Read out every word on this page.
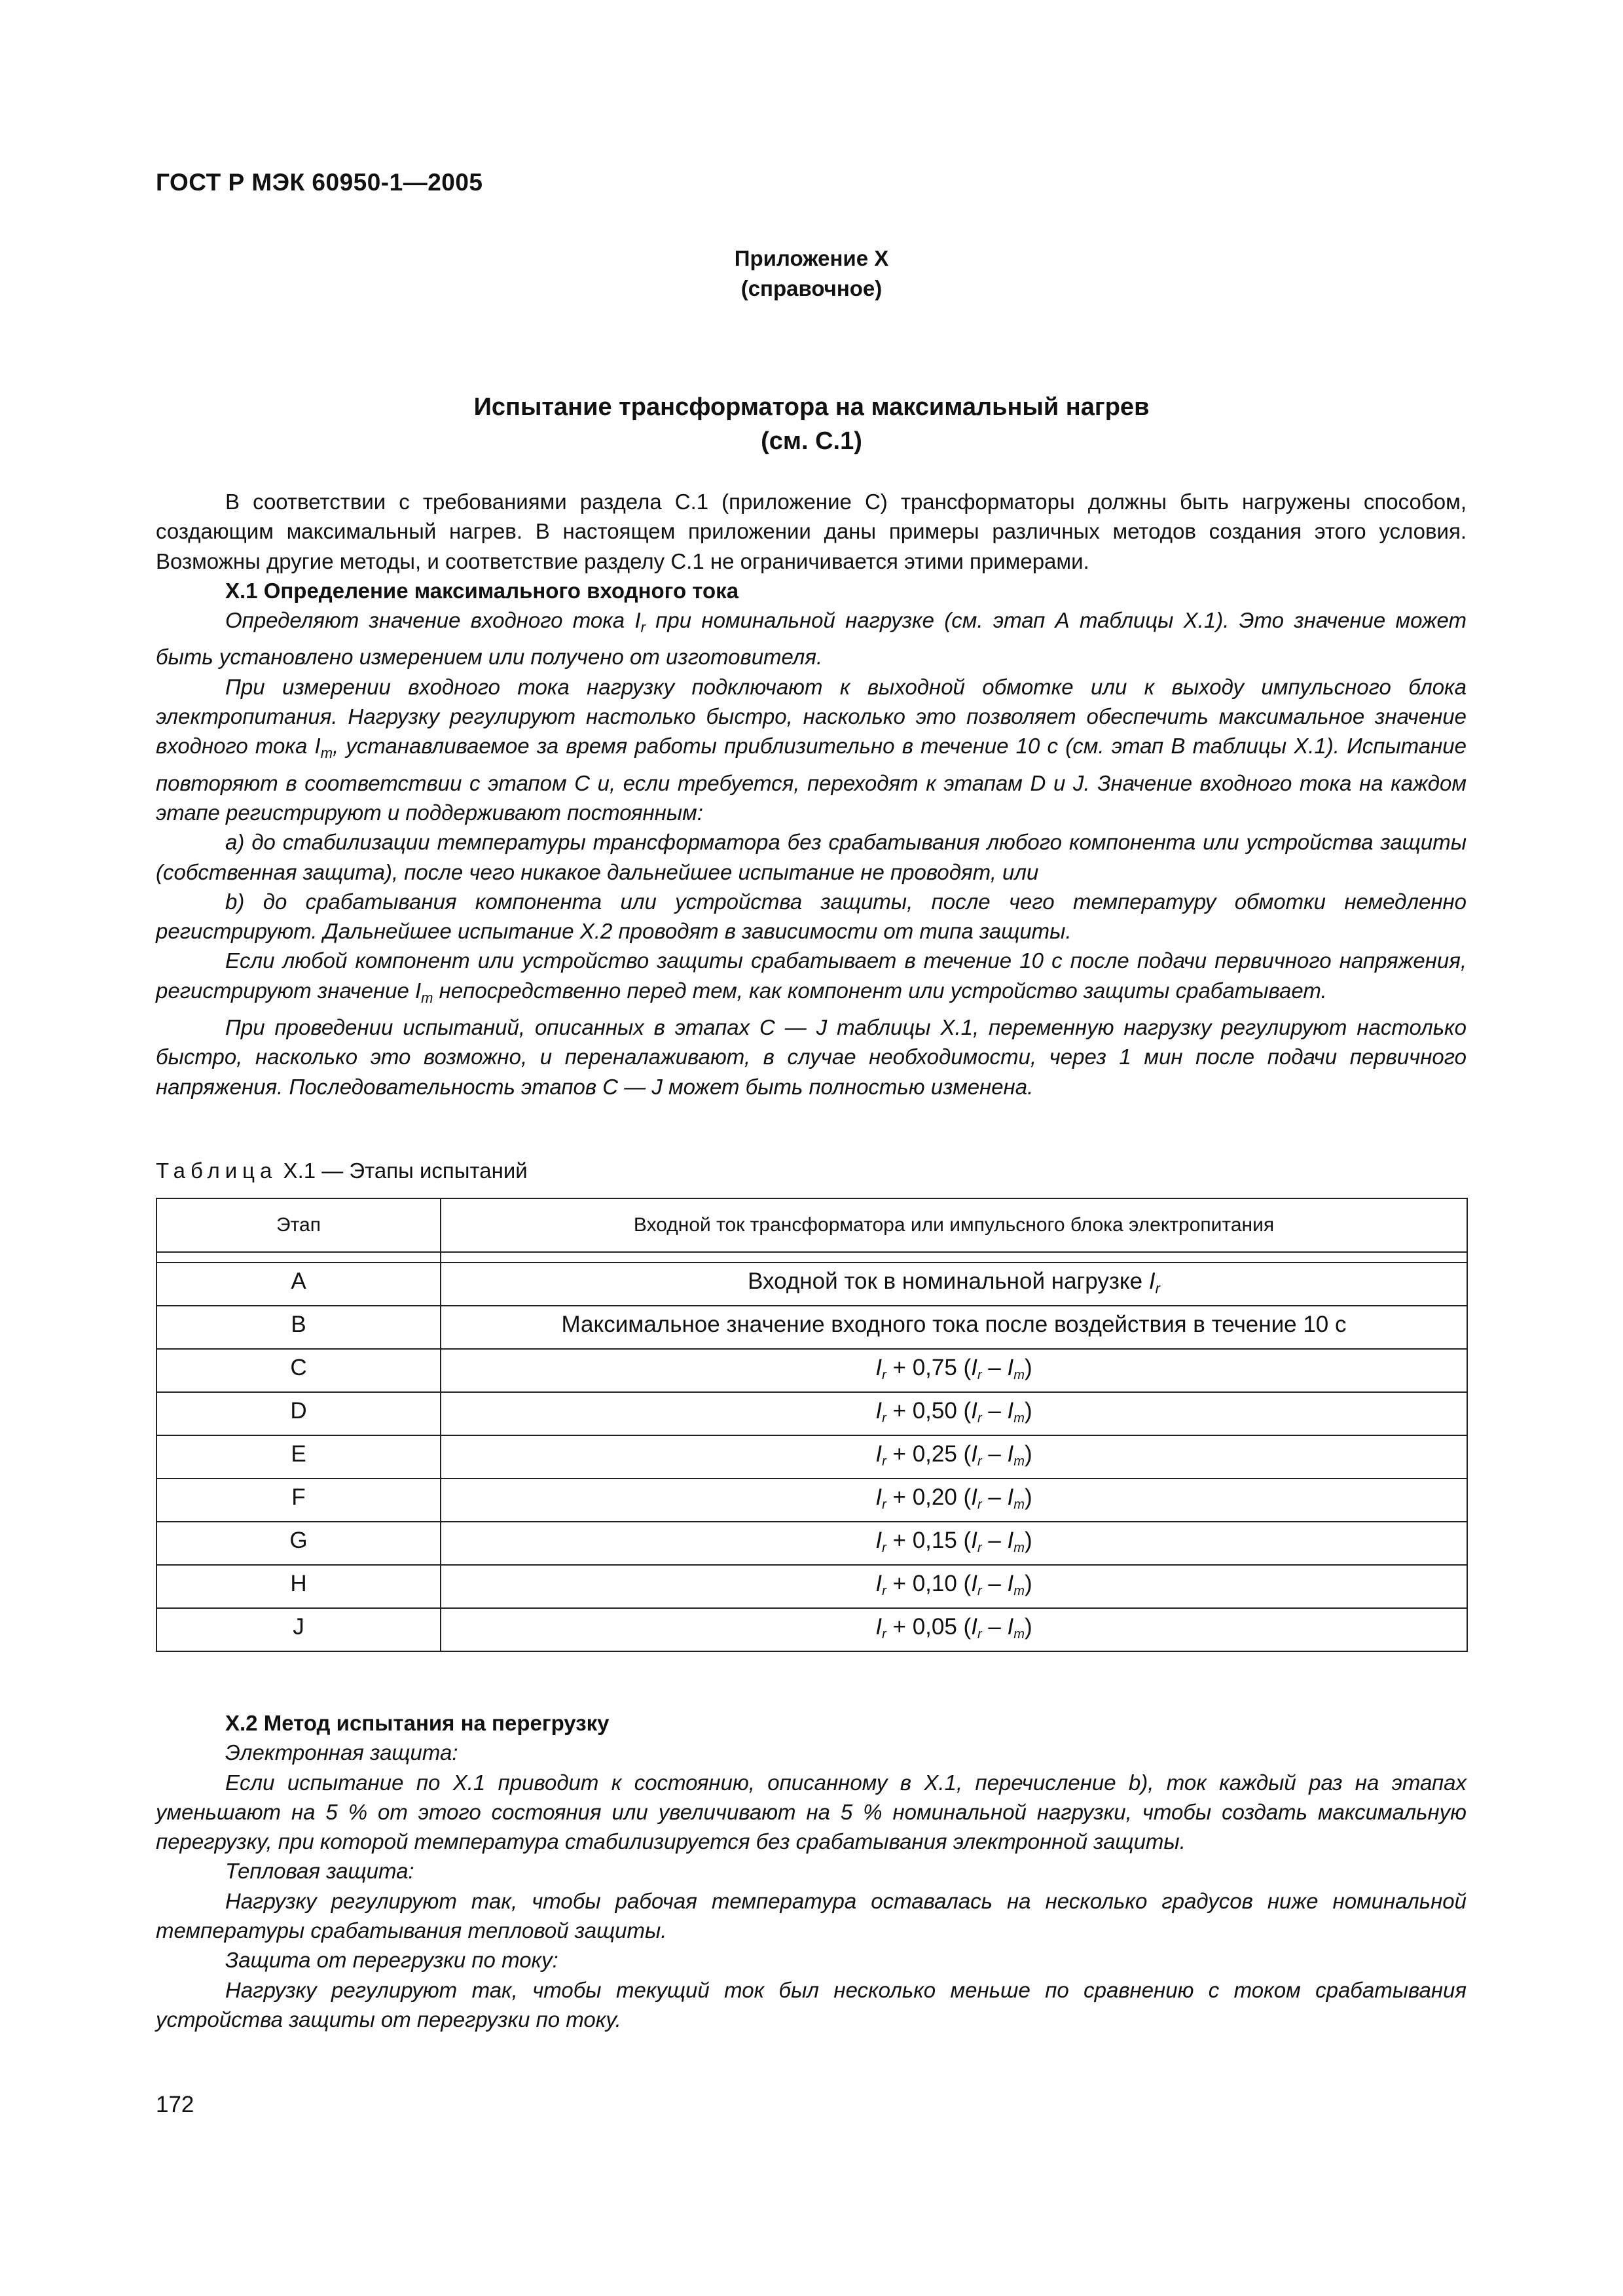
ГОСТ Р МЭК 60950-1—2005
Приложение X
(справочное)
Испытание трансформатора на максимальный нагрев
(см. С.1)

В соответствии с требованиями раздела С.1 (приложение С) трансформаторы должны быть нагружены способом, создающим максимальный нагрев. В настоящем приложении даны примеры различных методов создания этого условия. Возможны другие методы, и соответствие разделу С.1 не ограничивается этими примерами.

X.1 Определение максимального входного тока

Определяют значение входного тока $I_r$ при номинальной нагрузке (см. этап А таблицы X.1). Это значение может быть установлено измерением или получено от изготовителя.

При измерении входного тока нагрузку подключают к выходной обмотке или к выходу импульсного блока электропитания. Нагрузку регулируют настолько быстро, насколько это позволяет обеспечить максимальное значение входного тока $I_m$, устанавливаемое за время работы приблизительно в течение 10 с (см. этап В таблицы X.1). Испытание повторяют в соответствии с этапом С и, если требуется, переходят к этапам D и J. Значение входного тока на каждом этапе регистрируют и поддерживают постоянным:

a) до стабилизации температуры трансформатора без срабатывания любого компонента или устройства защиты (собственная защита), после чего никакое дальнейшее испытание не проводят, или

b) до срабатывания компонента или устройства защиты, после чего температуру обмотки немедленно регистрируют. Дальнейшее испытание X.2 проводят в зависимости от типа защиты.

Если любой компонент или устройство защиты срабатывает в течение 10 с после подачи первичного напряжения, регистрируют значение $I_m$ непосредственно перед тем, как компонент или устройство защиты срабатывает.

При проведении испытаний, описанных в этапах С — J таблицы X.1, переменную нагрузку регулируют настолько быстро, насколько это возможно, и переналаживают, в случае необходимости, через 1 мин после подачи первичного напряжения. Последовательность этапов С — J может быть полностью изменена.

Таблица X.1 — Этапы испытаний
Этап	Входной ток трансформатора или импульсного блока электропитания

A	Входной ток в номинальной нагрузке $I_r$
B	Максимальное значение входного тока после воздействия в течение 10 с
C	$I_r + 0,75$ $(I_r - I_m)$
D	$I_r + 0,50$ $(I_r - I_m)$
E	$I_r + 0,25$ $(I_r - I_m)$
F	$I_r + 0,20$ $(I_r - I_m)$
G	$I_r + 0,15$ $(I_r - I_m)$
H	$I_r + 0,10$ $(I_r - I_m)$
J	$I_r + 0,05$ $(I_r - I_m)$

X.2 Метод испытания на перегрузку

Электронная защита:

Если испытание по X.1 приводит к состоянию, описанному в X.1, перечисление b), ток каждый раз на этапах уменьшают на 5 % от этого состояния или увеличивают на 5 % номинальной нагрузки, чтобы создать максимальную перегрузку, при которой температура стабилизируется без срабатывания электронной защиты.

Тепловая защита:

Нагрузку регулируют так, чтобы рабочая температура оставалась на несколько градусов ниже номинальной температуры срабатывания тепловой защиты.

Защита от перегрузки по току:

Нагрузку регулируют так, чтобы текущий ток был несколько меньше по сравнению с током срабатывания устройства защиты от перегрузки по току.

172
